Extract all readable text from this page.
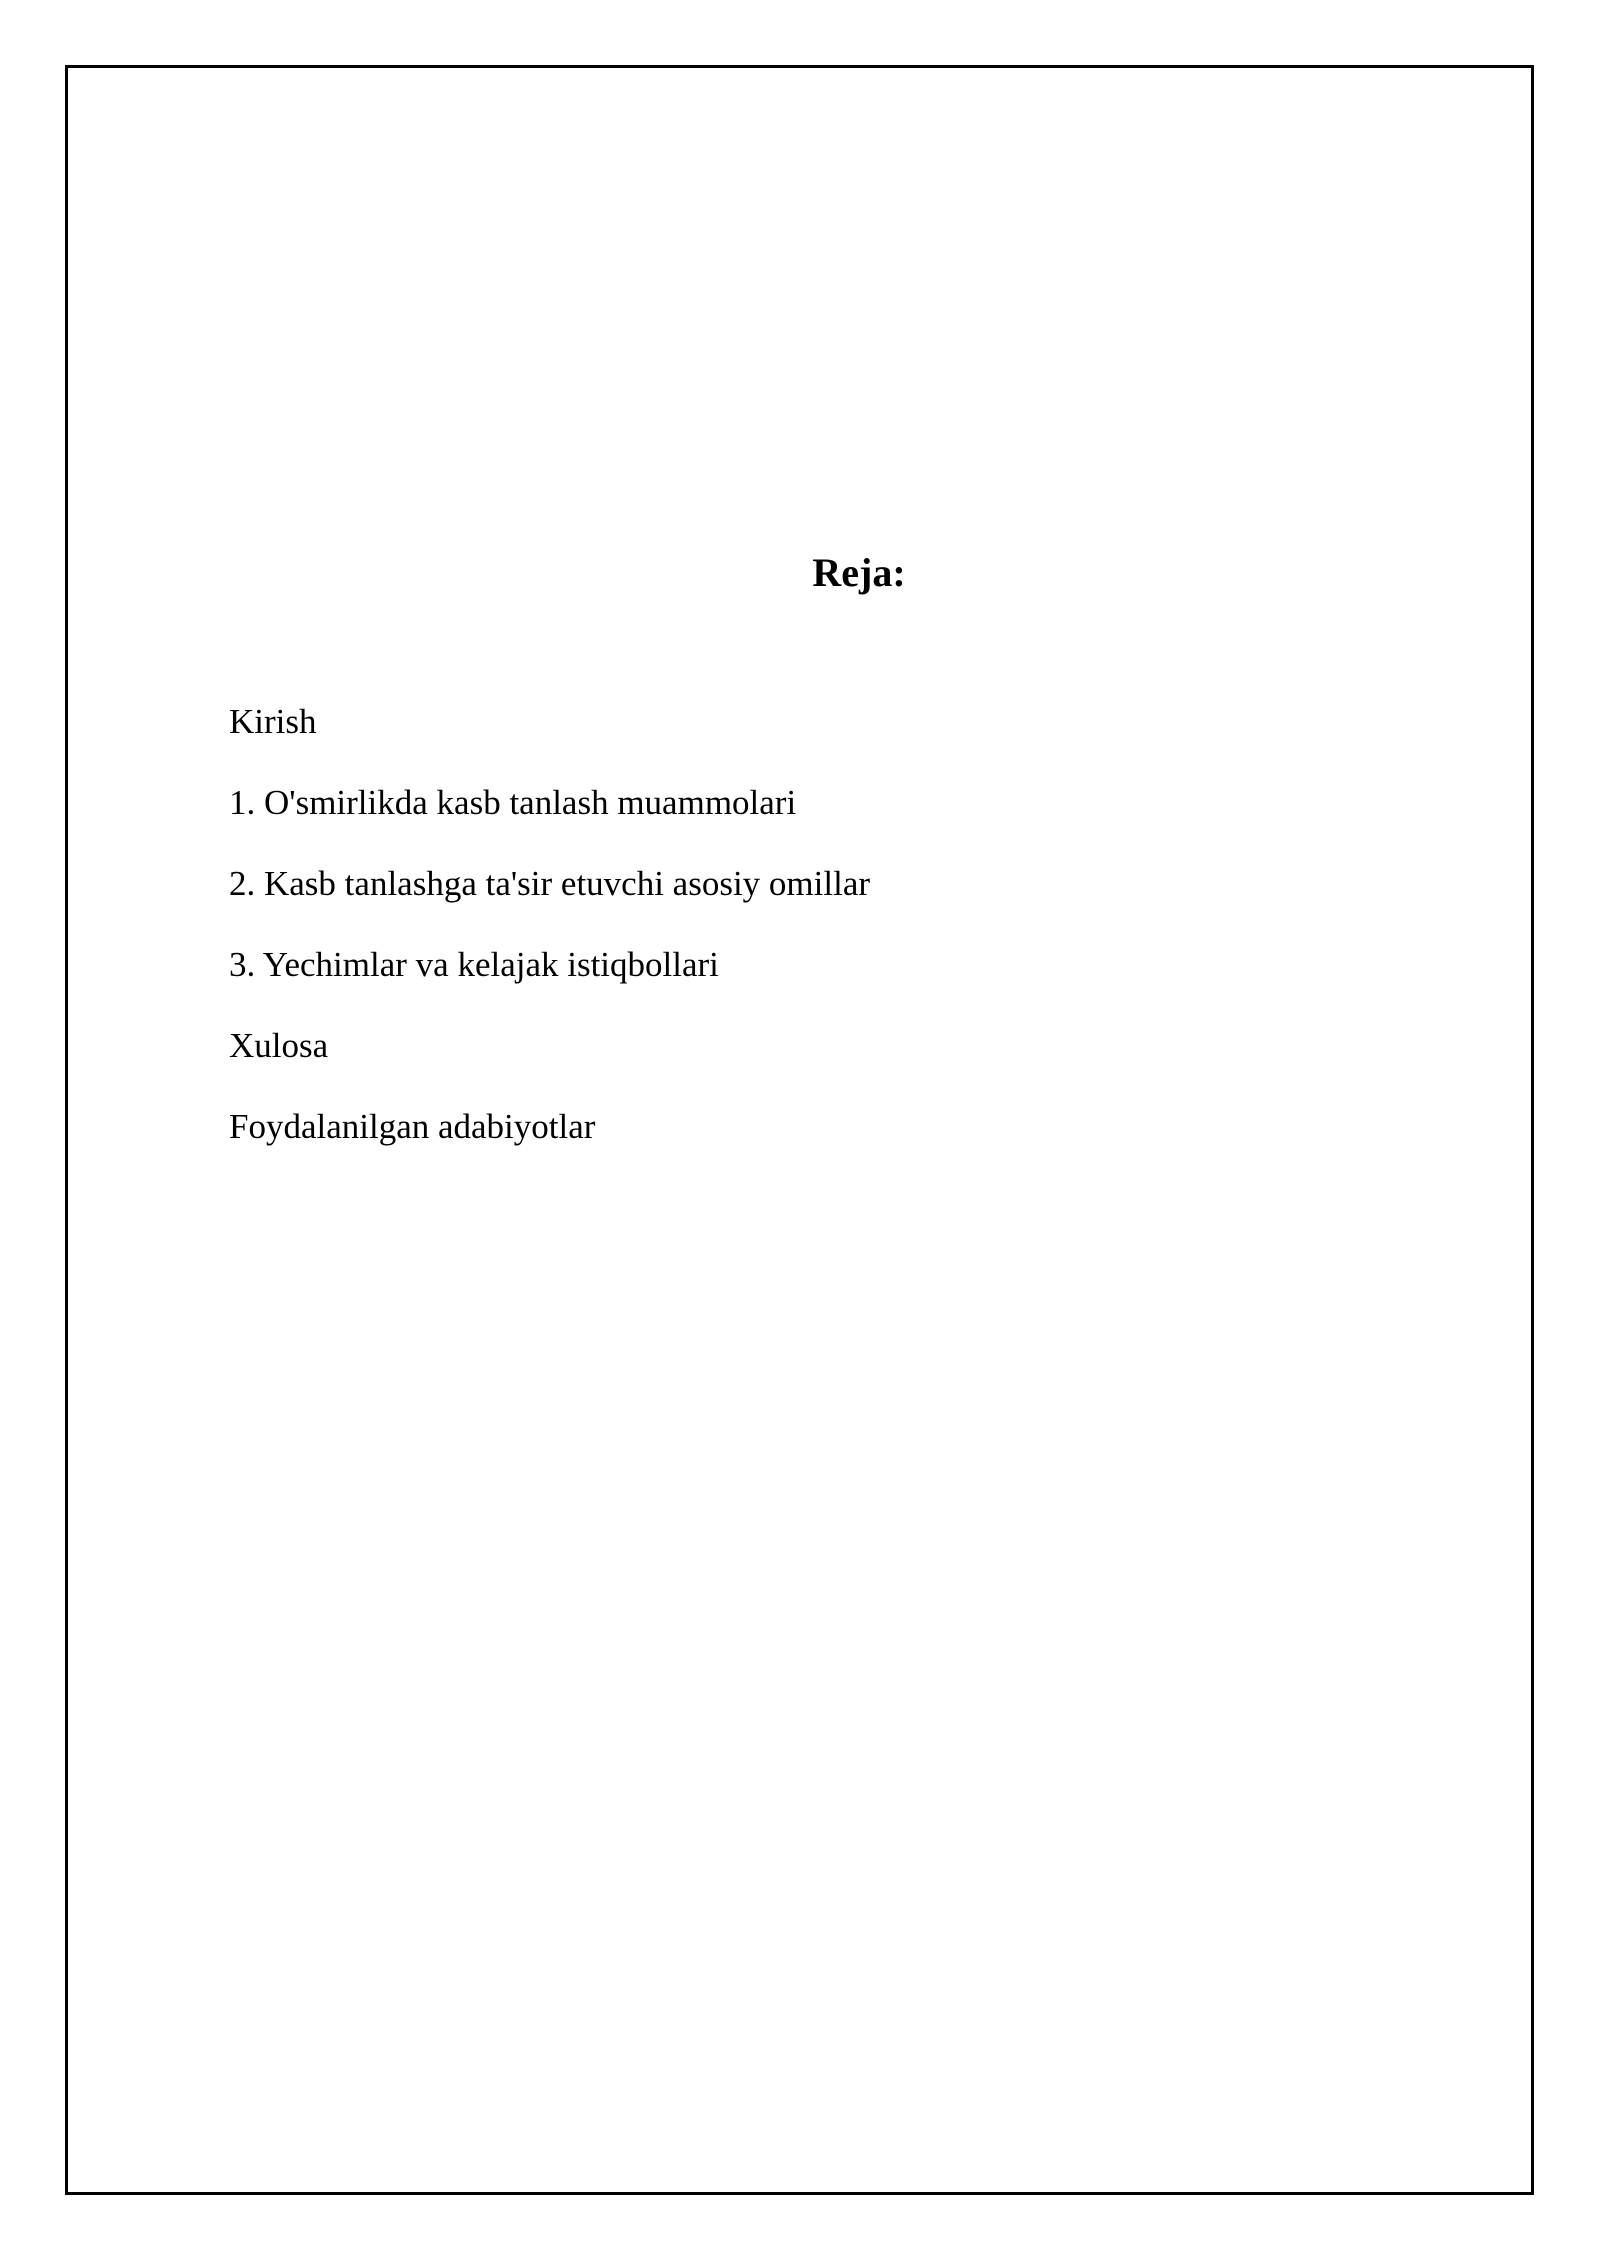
Reja:
Kirish
1. O'smirlikda kasb tanlash muammolari
2. Kasb tanlashga ta'sir etuvchi asosiy omillar
3. Yechimlar va kelajak istiqbollari
Xulosa
Foydalanilgan adabiyotlar
